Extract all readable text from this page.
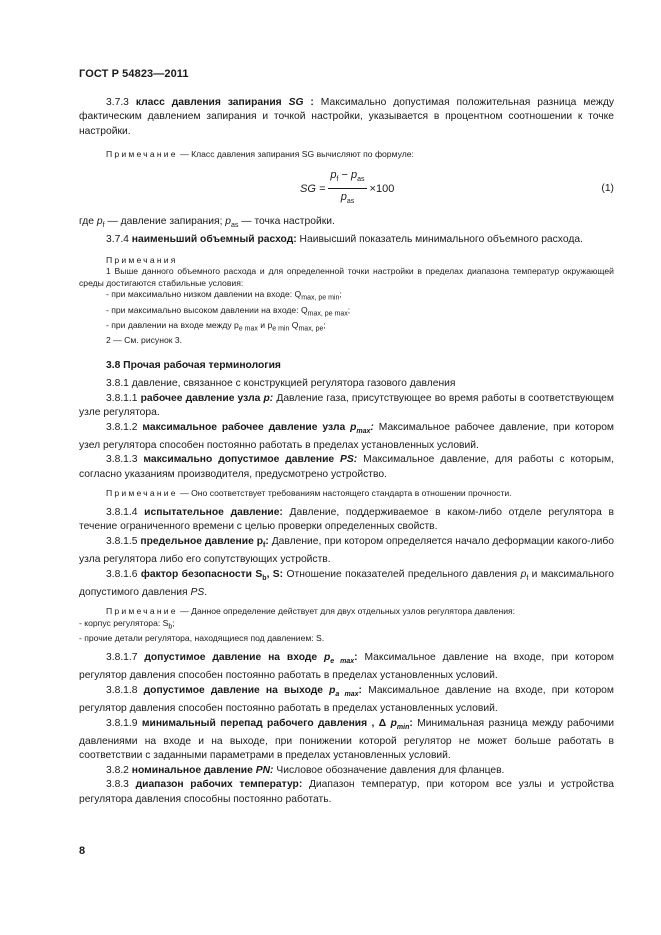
ГОСТ Р 54823—2011

3.7.3 класс давления запирания SG : Максимально допустимая положительная разница между фактическим давлением запирания и точкой настройки, указывается в процентном соотношении к точке настройки.

Примечание — Класс давления запирания SG вычисляют по формуле:

SG = $\frac{p_f - p_{as}}{p_{as}} \times 100$	(1)

где $p_f$ — давление запирания; $p_{as}$ — точка настройки.

3.7.4 наименьший объемный расход: Наивысший показатель минимального объемного расхода.

Примечания

1 Выше данного объемного расхода и для определенной точки настройки в пределах диапазона температур окружающей среды достигаются стабильные условия:

- при максимально низком давлении на входе: $Q_{max, pe min}$;

- при максимально высоком давлении на входе: $Q_{max, pe max}$;

- при давлении на входе между $p_{e max}$ и $p_{e min}$ $Q_{max, pe}$;

2 — См. рисунок 3.

3.8 Прочая рабочая терминология

3.8.1 давление, связанное с конструкцией регулятора газового давления

3.8.1.1 рабочее давление узла p: Давление газа, присутствующее во время работы в соответствующем узле регулятора.

3.8.1.2 максимальное рабочее давление узла $p_{max}$: Максимальное рабочее давление, при котором узел регулятора способен постоянно работать в пределах установленных условий.

3.8.1.3 максимально допустимое давление PS: Максимальное давление, для работы с которым, согласно указаниям производителя, предусмотрено устройство.

Примечание — Оно соответствует требованиям настоящего стандарта в отношении прочности.

3.8.1.4 испытательное давление: Давление, поддерживаемое в каком-либо отделе регулятора в течение ограниченного времени с целью проверки определенных свойств.

3.8.1.5 предельное давление $p_f$: Давление, при котором определяется начало деформации какого-либо узла регулятора либо его сопутствующих устройств.

3.8.1.6 фактор безопасности $S_b$, S: Отношение показателей предельного давления $p_f$ и максимального допустимого давления PS.

Примечание — Данное определение действует для двух отдельных узлов регулятора давления:

- корпус регулятора: $S_b$;

- прочие детали регулятора, находящиеся под давлением: S.

3.8.1.7 допустимое давление на входе $p_{e max}$: Максимальное давление на входе, при котором регулятор давления способен постоянно работать в пределах установленных условий.

3.8.1.8 допустимое давление на выходе $p_{a max}$: Максимальное давление на входе, при котором регулятор давления способен постоянно работать в пределах установленных условий.

3.8.1.9 минимальный перепад рабочего давления , Δ $p_{min}$: Минимальная разница между рабочими давлениями на входе и на выходе, при понижении которой регулятор не может больше работать в соответствии с заданными параметрами в пределах установленных условий.

3.8.2 номинальное давление PN: Числовое обозначение давления для фланцев.

3.8.3 диапазон рабочих температур: Диапазон температур, при котором все узлы и устройства регулятора давления способны постоянно работать.

8
